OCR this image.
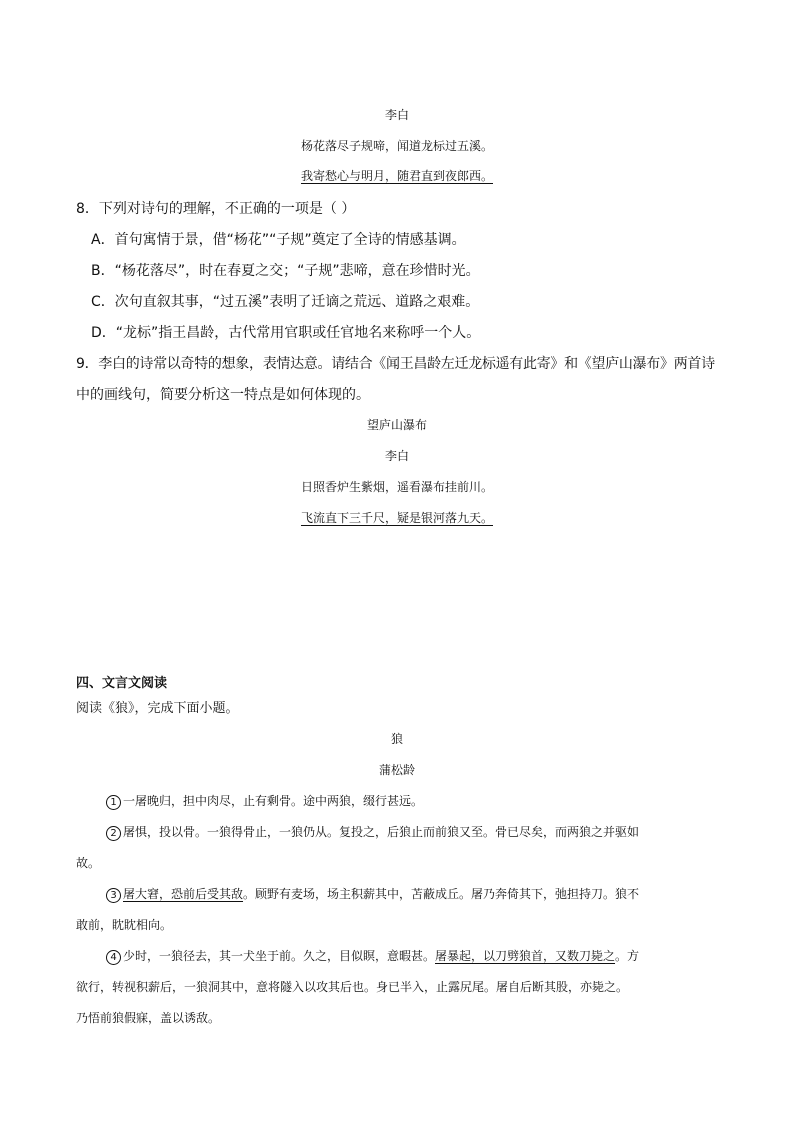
李白
杨花落尽子规啼，闻道龙标过五溪。
我寄愁心与明月，随君直到夜郎西。
8．下列对诗句的理解，不正确的一项是（ ）
A．首句寓情于景，借“杨花”“子规”奠定了全诗的情感基调。
B．“杨花落尽”，时在春夏之交；“子规”悲啼，意在珍惜时光。
C．次句直叙其事，“过五溪”表明了迁谪之荒远、道路之艰难。
D．“龙标”指王昌龄，古代常用官职或任官地名来称呼一个人。
9．李白的诗常以奇特的想象，表情达意。请结合《闻王昌龄左迁龙标遥有此寄》和《望庐山瀑布》两首诗
中的画线句，简要分析这一特点是如何体现的。
望庐山瀑布
李白
日照香炉生紫烟，遥看瀑布挂前川。
飞流直下三千尺，疑是银河落九天。
四、文言文阅读
阅读《狼》，完成下面小题。
狼
蒲松龄
1 一屠晚归，担中肉尽，止有剩骨。途中两狼，缀行甚远。
2 屠惧，投以骨。一狼得骨止，一狼仍从。复投之，后狼止而前狼又至。骨已尽矣，而两狼之并驱如
故。
3 屠大窘，恐前后受其敌。顾野有麦场，场主积薪其中，苫蔽成丘。屠乃奔倚其下，弛担持刀。狼不
敢前，眈眈相向。
4 少时，一狼径去，其一犬坐于前。久之，目似瞑，意暇甚。屠暴起，以刀劈狼首，又数刀毙之。方
欲行，转视积薪后，一狼洞其中，意将隧入以攻其后也。身已半入，止露尻尾。屠自后断其股，亦毙之。
乃悟前狼假寐，盖以诱敌。
